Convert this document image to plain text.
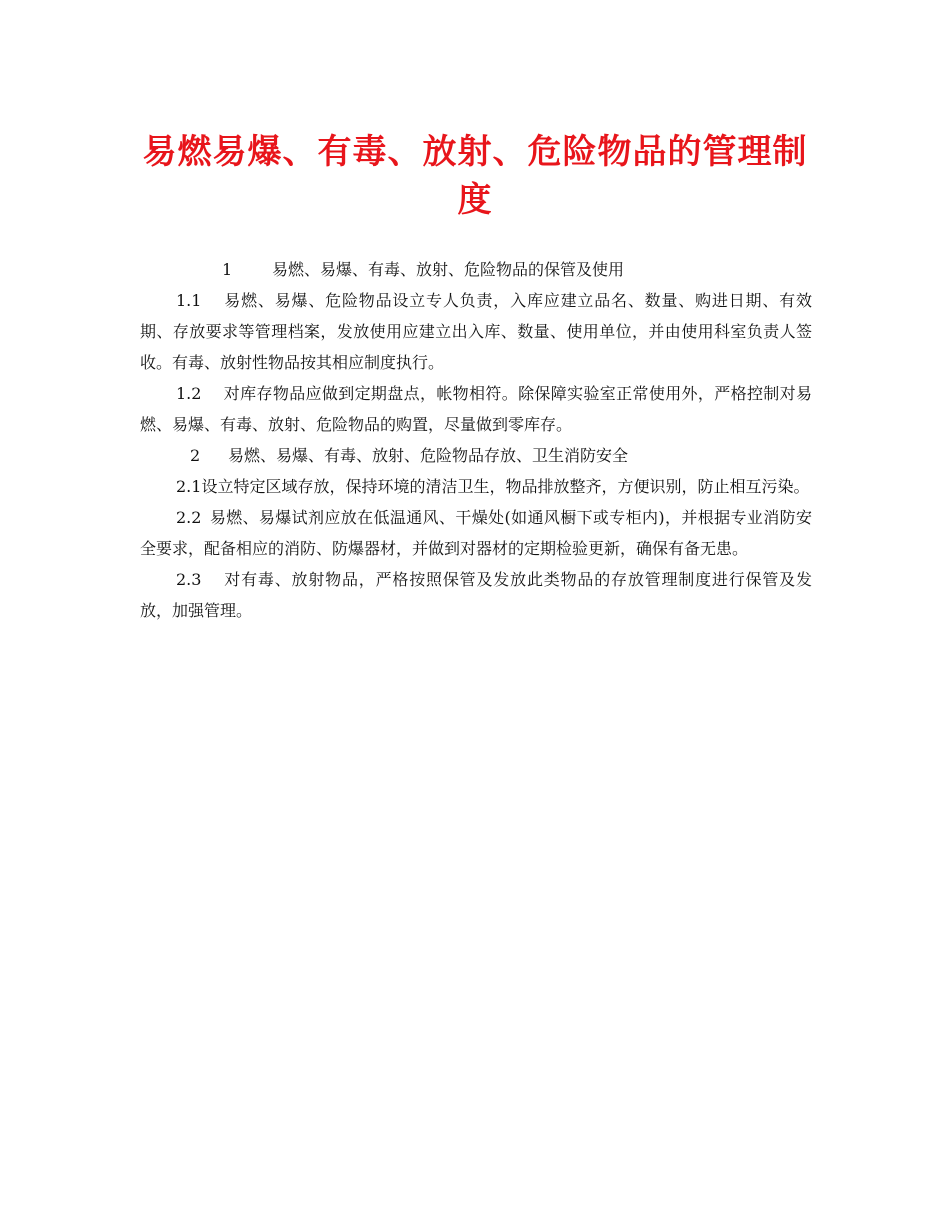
易燃易爆、有毒、放射、危险物品的管理制度

1 易燃、易爆、有毒、放射、危险物品的保管及使用

1.1 易燃、易爆、危险物品设立专人负责，入库应建立品名、数量、购进日期、有效期、存放要求等管理档案，发放使用应建立出入库、数量、使用单位，并由使用科室负责人签收。有毒、放射性物品按其相应制度执行。

1.2 对库存物品应做到定期盘点，帐物相符。除保障实验室正常使用外，严格控制对易燃、易爆、有毒、放射、危险物品的购置，尽量做到零库存。

2 易燃、易爆、有毒、放射、危险物品存放、卫生消防安全

2.1设立特定区域存放，保持环境的清洁卫生，物品排放整齐，方便识别，防止相互污染。

2.2 易燃、易爆试剂应放在低温通风、干燥处(如通风橱下或专柜内)，并根据专业消防安全要求，配备相应的消防、防爆器材，并做到对器材的定期检验更新，确保有备无患。

2.3 对有毒、放射物品，严格按照保管及发放此类物品的存放管理制度进行保管及发放，加强管理。
